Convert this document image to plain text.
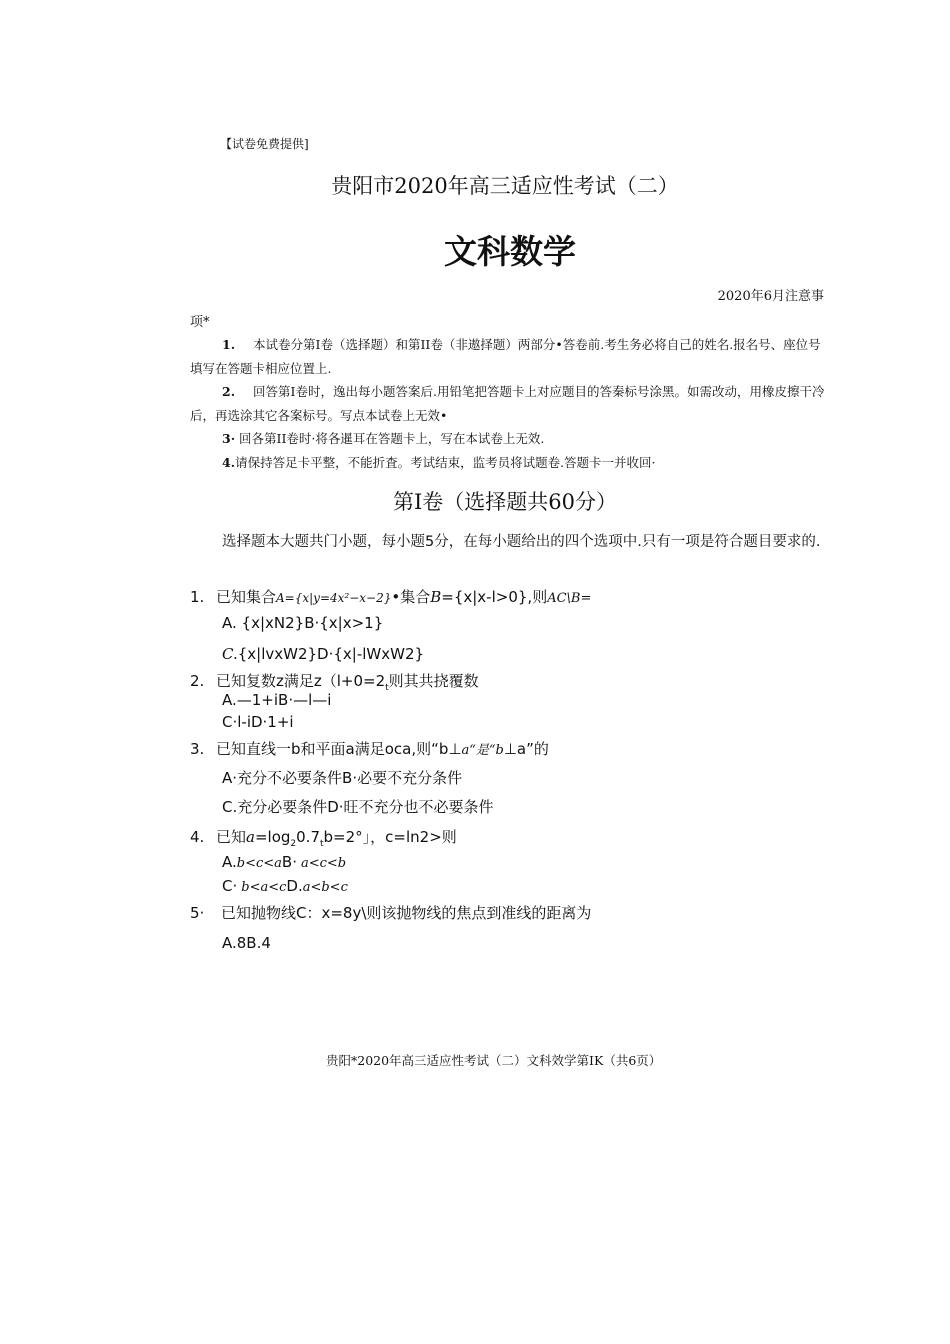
【试卷免费提供]
贵阳市2020年高三适应性考试（二）
文科数学
2020年6月注意事
项*
1. 本试卷分第I卷（选择题）和第II卷（非遨择题）两部分•答卷前.考生务必将自己的姓名.报名号、座位号填写在答题卡相应位置上.
2. 回答第I卷时，逸出每小题答案后.用铅笔把答题卡上对应题目的答秦标号涂黑。如需改动，用橡皮擦干冷后，再选涂其它各案标号。写点本试卷上无效•
3· 回各第II卷时·将各暹耳在答题卡上，写在本试卷上无效.
4.请保持答足卡平整，不能折査。考试结束，监考员将试题卷.答题卡一并收回·
第I卷（选择题共60分）
选择题本大题共门小题，每小题5分，在每小题给出的四个选项中.只有一项是符合题目要求的.
1. 已知集合A={x|y=4x²−x−2}•集合B={x|x-l>0},则AC\B=
A. {x|xN2}B·{x|x>1}
C.{x|lvxW2}D·{x|-lWxW2}
2. 已知复数z满足$z(l+0=2_t$则其共挠覆数
A.—1+iB·—l—i
C·l-iD·1+i
3. 已知直线一b和平面a满足oca,则“b⊥a“是“b⊥a”的
A·充分不必要条件B·必要不充分条件
C.充分必要条件D·旺不充分也不必要条件
4. 已知$a=\log_20.7_tb=2^\circ$」，c=ln2>则
A.b<c<aB· a<c<b
C· b<a<cD.a<b<c
5· 已知抛物线C：x=8y\则该抛物线的焦点到准线的距离为
A.8B.4
贵阳*2020年高三适应性考试（二）文科效学第IK（共6页）
